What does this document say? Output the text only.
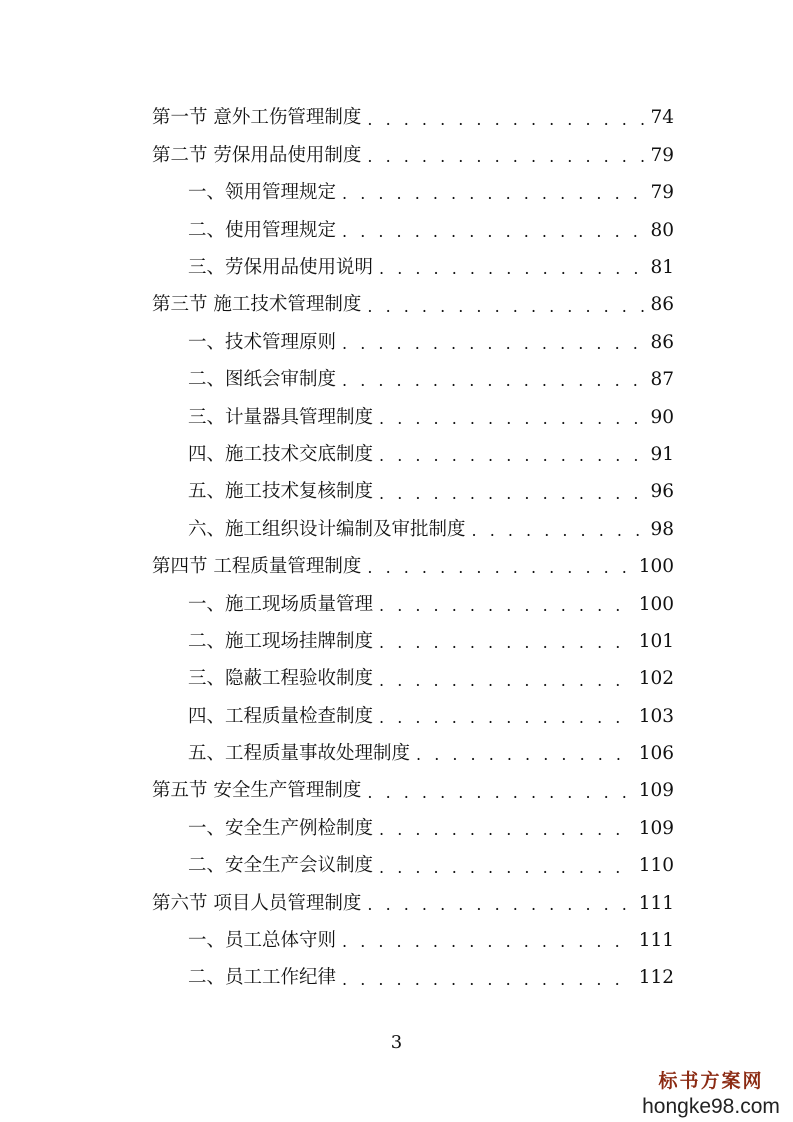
第一节 意外工伤管理制度 . . .	74
第二节 劳保用品使用制度 . . .	79
一、领用管理规定 . . .	79
二、使用管理规定 . . .	80
三、劳保用品使用说明 . . .	81
第三节 施工技术管理制度 . . .	86
一、技术管理原则 . . .	86
二、图纸会审制度 . . .	87
三、计量器具管理制度 . . .	90
四、施工技术交底制度 . . .	91
五、施工技术复核制度 . . .	96
六、施工组织设计编制及审批制度 . . .	98
第四节 工程质量管理制度 . . .	100
一、施工现场质量管理 . . .	100
二、施工现场挂牌制度 . . .	101
三、隐蔽工程验收制度 . . .	102
四、工程质量检查制度 . . .	103
五、工程质量事故处理制度 . . .	106
第五节 安全生产管理制度 . . .	109
一、安全生产例检制度 . . .	109
二、安全生产会议制度 . . .	110
第六节 项目人员管理制度 . . .	111
一、员工总体守则 . . .	111
二、员工工作纪律 . . .	112
3
标书方案网
hongke98.com
